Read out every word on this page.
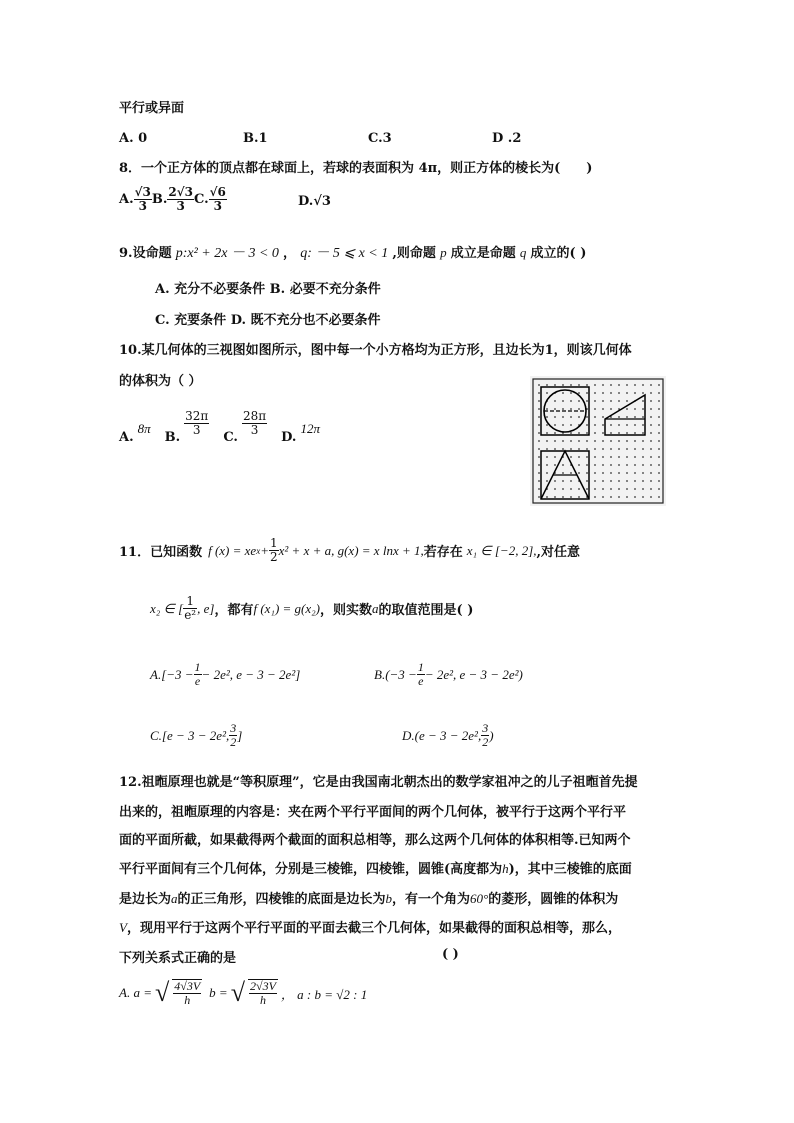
平行或异面
A. 0	B.1	C.3	D .2
8．一个正方体的顶点都在球面上，若球的表面积为 4π，则正方体的棱长为(　　)
A. $\frac{√3}{3} B$. $\frac{2√3}{3} C$. $\frac{√6}{3}$	D.√3
9.设命题 p:x² + 2x － 3 < 0 ， q: － 5 ⩽ x < 1 ,则命题 p 成立是命题 q 成立的( )
A. 充分不必要条件 B. 必要不充分条件
C. 充要条件 D. 既不充分也不必要条件
10.某几何体的三视图如图所示，图中每一个小方格均为正方形，且边长为1，则该几何体
的体积为（ ）
A.
8π
B.
$\frac{32\pi}{3}$
C.
$\frac{28\pi}{3}$
D.
12π
11．已知函数 f (x) = xe $x + \frac{1}{2} x^2 + x + a$, g(x) = x lnx + 1, 若存在 x₁ ∈ [−2, 2], ,对任意
x₂ ∈ [ $\frac{1}{\text{e²}}$ , e] ，都有 f (x₁) = g(x₂) ，则实数 a 的取值范围是( )
$A.[-3 - \frac{1}{e} - 2e^2$, e − 3 − 2e²]	$B.(-3 - \frac{1}{e} - 2e^2$, e − 3 − 2e²)
C.[e − 3 − 2e², $\frac{3}{2}$ ]	D.(e − 3 − 2e², $\frac{3}{2}$ )
12.祖暅原理也就是“等积原理”，它是由我国南北朝杰出的数学家祖冲之的儿子祖暅首先提
出来的，祖暅原理的内容是：夹在两个平行平面间的两个几何体，被平行于这两个平行平
面的平面所截，如果截得两个截面的面积总相等，那么这两个几何体的体积相等.已知两个
平行平面间有三个几何体，分别是三棱锥，四棱锥，圆锥(高度都为h)，其中三棱锥的底面
是边长为a的正三角形，四棱锥的底面是边长为b，有一个角为60°的菱形，圆锥的体积为
V，现用平行于这两个平行平面的平面去截三个几何体，如果截得的面积总相等，那么，
下列关系式正确的是	( )
A. a = √ $\frac{4√3V}{h}$ b = √ $\frac{2√3V}{h}$ ， a : b = √2 : 1
